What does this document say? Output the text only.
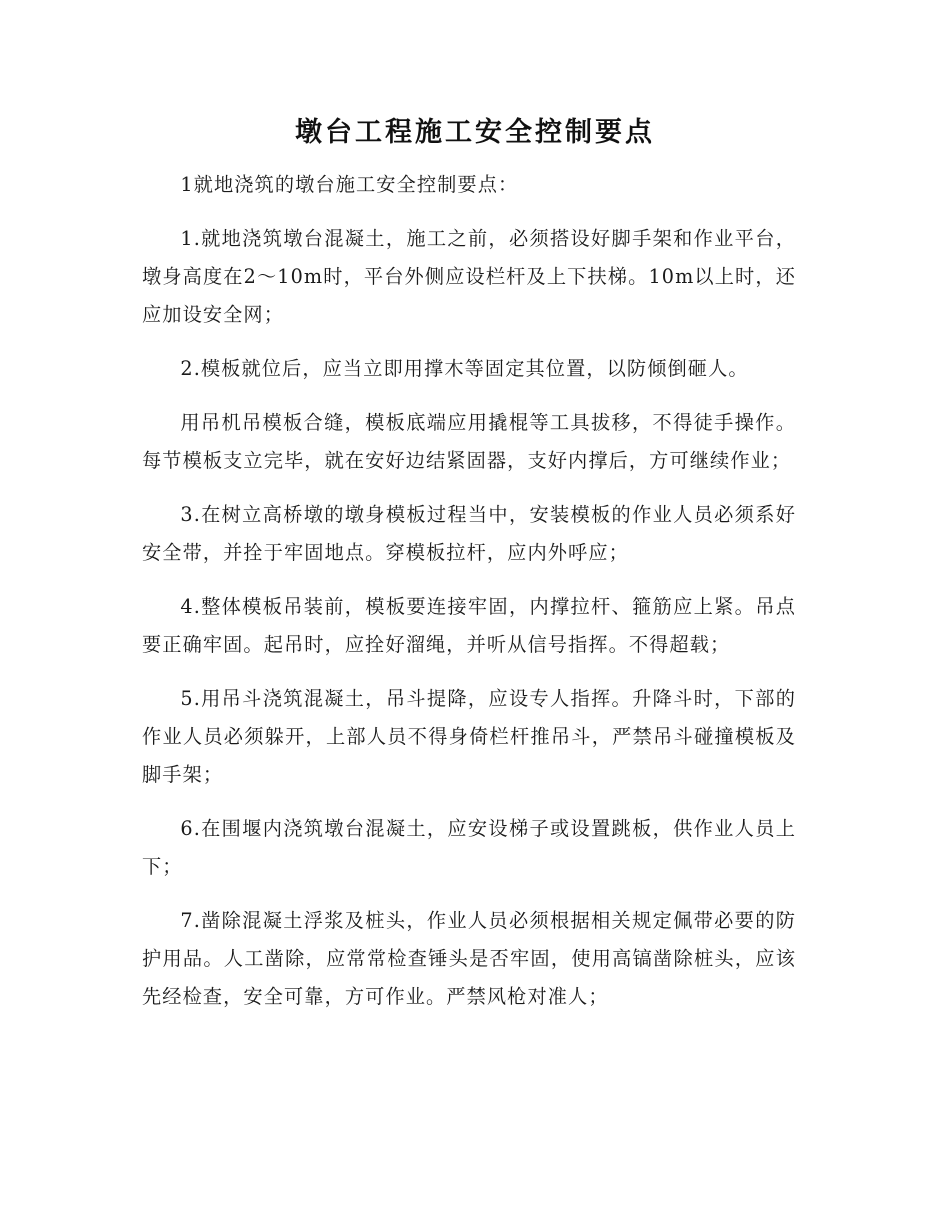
墩台工程施工安全控制要点

1就地浇筑的墩台施工安全控制要点：

1.就地浇筑墩台混凝土，施工之前，必须搭设好脚手架和作业平台，墩身高度在2～10m时，平台外侧应设栏杆及上下扶梯。10m以上时，还应加设安全网；

2.模板就位后，应当立即用撑木等固定其位置，以防倾倒砸人。

用吊机吊模板合缝，模板底端应用撬棍等工具拔移，不得徒手操作。每节模板支立完毕，就在安好边结紧固器，支好内撑后，方可继续作业；

3.在树立高桥墩的墩身模板过程当中，安装模板的作业人员必须系好安全带，并拴于牢固地点。穿模板拉杆，应内外呼应；

4.整体模板吊装前，模板要连接牢固，内撑拉杆、箍筋应上紧。吊点要正确牢固。起吊时，应拴好溜绳，并听从信号指挥。不得超载；

5.用吊斗浇筑混凝土，吊斗提降，应设专人指挥。升降斗时，下部的作业人员必须躲开，上部人员不得身倚栏杆推吊斗，严禁吊斗碰撞模板及脚手架；

6.在围堰内浇筑墩台混凝土，应安设梯子或设置跳板，供作业人员上下；

7.凿除混凝土浮浆及桩头，作业人员必须根据相关规定佩带必要的防护用品。人工凿除，应常常检查锤头是否牢固，使用高镐凿除桩头，应该先经检查，安全可靠，方可作业。严禁风枪对准人；
